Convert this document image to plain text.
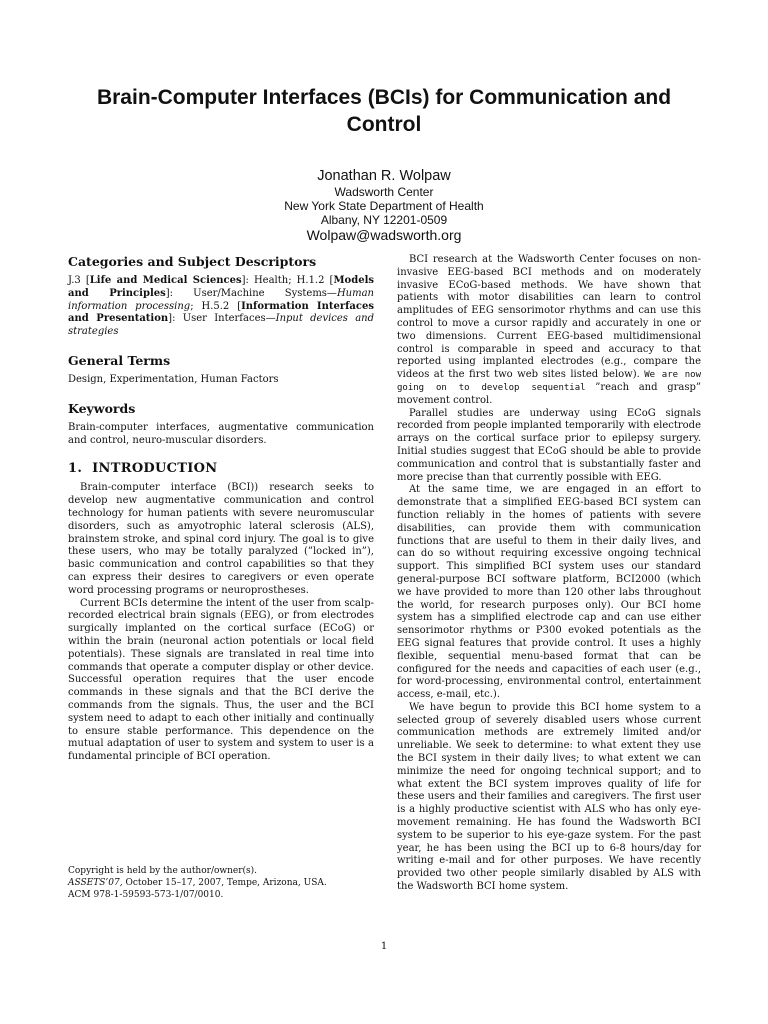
Brain-Computer Interfaces (BCIs) for Communication and Control
Jonathan R. Wolpaw
Wadsworth Center
New York State Department of Health
Albany, NY 12201-0509
Wolpaw@wadsworth.org
Categories and Subject Descriptors

J.3 [Life and Medical Sciences]: Health; H.1.2 [Models and Principles]: User/Machine Systems—Human information processing; H.5.2 [Information Interfaces and Presentation]: User Interfaces—Input devices and strategies

General Terms

Design, Experimentation, Human Factors

Keywords

Brain-computer interfaces, augmentative communication and control, neuro-muscular disorders.

1. INTRODUCTION

Brain-computer interface (BCI)) research seeks to develop new augmentative communication and control technology for human patients with severe neuromuscular disorders, such as amyotrophic lateral sclerosis (ALS), brainstem stroke, and spinal cord injury. The goal is to give these users, who may be totally paralyzed (”locked in”), basic communication and control capabilities so that they can express their desires to caregivers or even operate word processing programs or neuroprostheses.

Current BCIs determine the intent of the user from scalp-recorded electrical brain signals (EEG), or from electrodes surgically implanted on the cortical surface (ECoG) or within the brain (neuronal action potentials or local field potentials). These signals are translated in real time into commands that operate a computer display or other device. Successful operation requires that the user encode commands in these signals and that the BCI derive the commands from the signals. Thus, the user and the BCI system need to adapt to each other initially and continually to ensure stable performance. This dependence on the mutual adaptation of user to system and system to user is a fundamental principle of BCI operation.

BCI research at the Wadsworth Center focuses on non-invasive EEG-based BCI methods and on moderately invasive ECoG-based methods. We have shown that patients with motor disabilities can learn to control amplitudes of EEG sensorimotor rhythms and can use this control to move a cursor rapidly and accurately in one or two dimensions. Current EEG-based multidimensional control is comparable in speed and accuracy to that reported using implanted electrodes (e.g., compare the videos at the first two web sites listed below). We are now going on to develop sequential ”reach and grasp” movement control.

Parallel studies are underway using ECoG signals recorded from people implanted temporarily with electrode arrays on the cortical surface prior to epilepsy surgery. Initial studies suggest that ECoG should be able to provide communication and control that is substantially faster and more precise than that currently possible with EEG.

At the same time, we are engaged in an effort to demonstrate that a simplified EEG-based BCI system can function reliably in the homes of patients with severe disabilities, can provide them with communication functions that are useful to them in their daily lives, and can do so without requiring excessive ongoing technical support. This simplified BCI system uses our standard general-purpose BCI software platform, BCI2000 (which we have provided to more than 120 other labs throughout the world, for research purposes only). Our BCI home system has a simplified electrode cap and can use either sensorimotor rhythms or P300 evoked potentials as the EEG signal features that provide control. It uses a highly flexible, sequential menu-based format that can be configured for the needs and capacities of each user (e.g., for word-processing, environmental control, entertainment access, e-mail, etc.).

We have begun to provide this BCI home system to a selected group of severely disabled users whose current communication methods are extremely limited and/or unreliable. We seek to determine: to what extent they use the BCI system in their daily lives; to what extent we can minimize the need for ongoing technical support; and to what extent the BCI system improves quality of life for these users and their families and caregivers. The first user is a highly productive scientist with ALS who has only eye-movement remaining. He has found the Wadsworth BCI system to be superior to his eye-gaze system. For the past year, he has been using the BCI up to 6-8 hours/day for writing e-mail and for other purposes. We have recently provided two other people similarly disabled by ALS with the Wadsworth BCI home system.

Copyright is held by the author/owner(s).
ASSETS’07, October 15–17, 2007, Tempe, Arizona, USA.
ACM 978-1-59593-573-1/07/0010.
1
